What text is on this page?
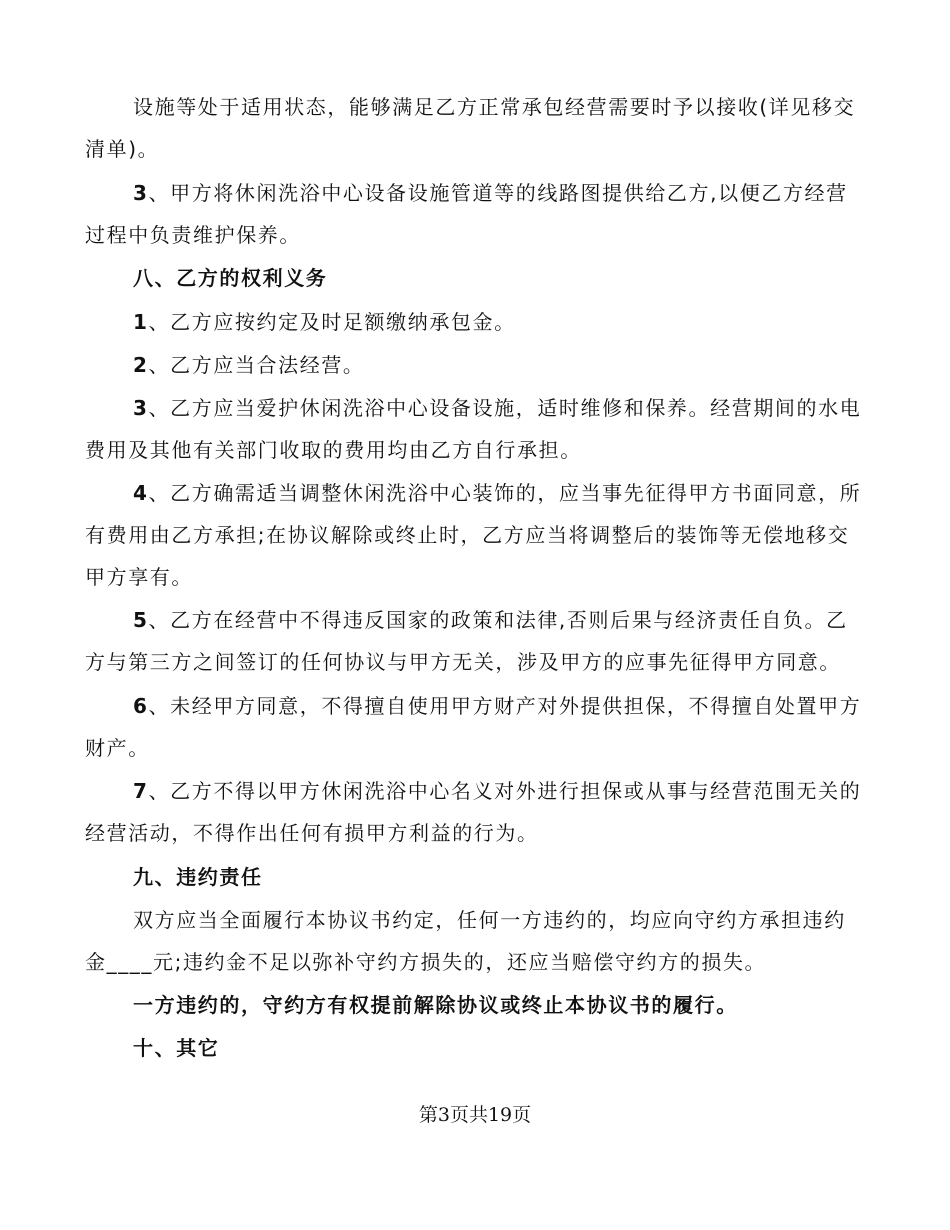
设施等处于适用状态，能够满足乙方正常承包经营需要时予以接收(详见移交
清单)。

3、甲方将休闲洗浴中心设备设施管道等的线路图提供给乙方,以便乙方经营
过程中负责维护保养。

八、乙方的权利义务

1、乙方应按约定及时足额缴纳承包金。

2、乙方应当合法经营。

3、乙方应当爱护休闲洗浴中心设备设施，适时维修和保养。经营期间的水电
费用及其他有关部门收取的费用均由乙方自行承担。

4、乙方确需适当调整休闲洗浴中心装饰的，应当事先征得甲方书面同意，所
有费用由乙方承担;在协议解除或终止时，乙方应当将调整后的装饰等无偿地移交
甲方享有。

5、乙方在经营中不得违反国家的政策和法律,否则后果与经济责任自负。乙
方与第三方之间签订的任何协议与甲方无关，涉及甲方的应事先征得甲方同意。

6、未经甲方同意，不得擅自使用甲方财产对外提供担保，不得擅自处置甲方
财产。

7、乙方不得以甲方休闲洗浴中心名义对外进行担保或从事与经营范围无关的
经营活动，不得作出任何有损甲方利益的行为。

九、违约责任

双方应当全面履行本协议书约定，任何一方违约的，均应向守约方承担违约
金____元;违约金不足以弥补守约方损失的，还应当赔偿守约方的损失。

一方违约的，守约方有权提前解除协议或终止本协议书的履行。

十、其它

第3页共19页
